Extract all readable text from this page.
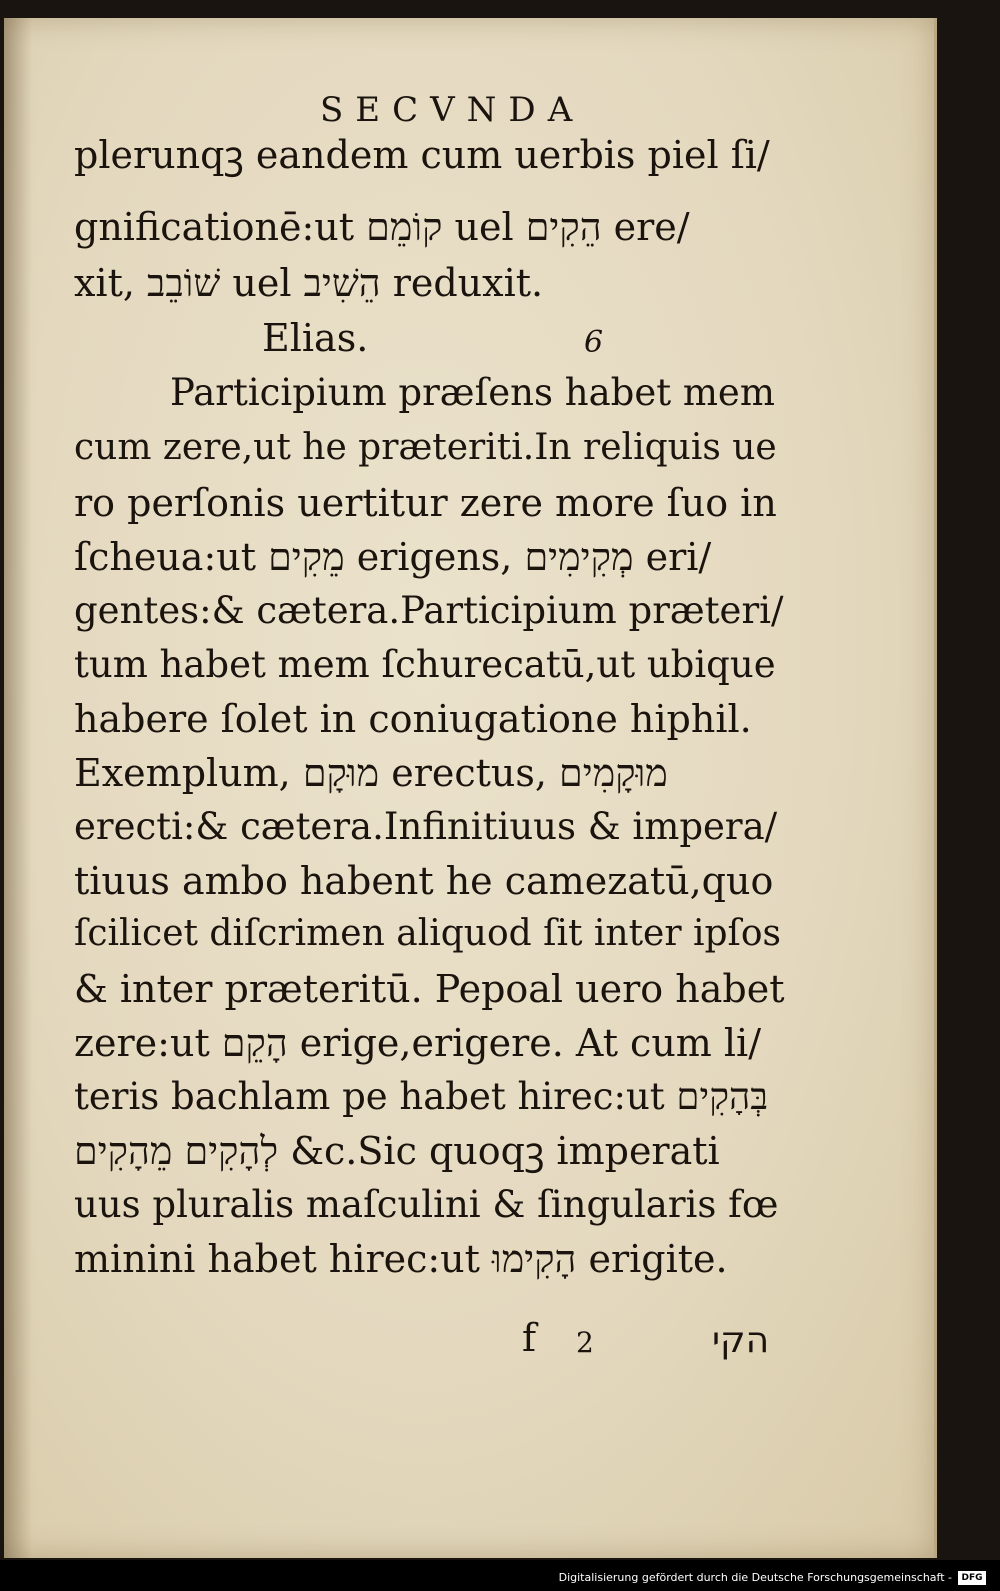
SECVNDA
plerunqꝫ eandem cum uerbis piel ſi/
gnificationē:ut קוֹמֵם uel הֵקִים ere/
xit, שׁוֹבֵב uel הֵשִׁיב reduxit.
Elias.	6
Participium præſens habet mem
cum zere,ut he præteriti.In reliquis ue
ro perſonis uertitur zere more ſuo in
ſcheua:ut מֵקִים erigens, מְקִימִים eri/
gentes:& cætera.Participium præteri/
tum habet mem ſchurecatū,ut ubique
habere ſolet in coniugatione hiphil.
Exemplum, מוּקָם erectus, מוּקָמִים
erecti:& cætera.Infinitiuus & impera/
tiuus ambo habent he camezatū,quo
ſcilicet diſcrimen aliquod ſit inter ipſos
& inter præteritū. Pepoal uero habet
zere:ut הָקֵם erige,erigere. At cum li/
teris bachlam pe habet hirec:ut בְּהָקִים
לְהָקִים מֵהָקִים &c.Sic quoqꝫ imperati
uus pluralis maſculini & ſingularis fœ
minini habet hirec:ut הָקִימוּ erigite.
f 2	הקי
Digitalisierung gefördert durch die Deutsche Forschungsgemeinschaft -	DFG
